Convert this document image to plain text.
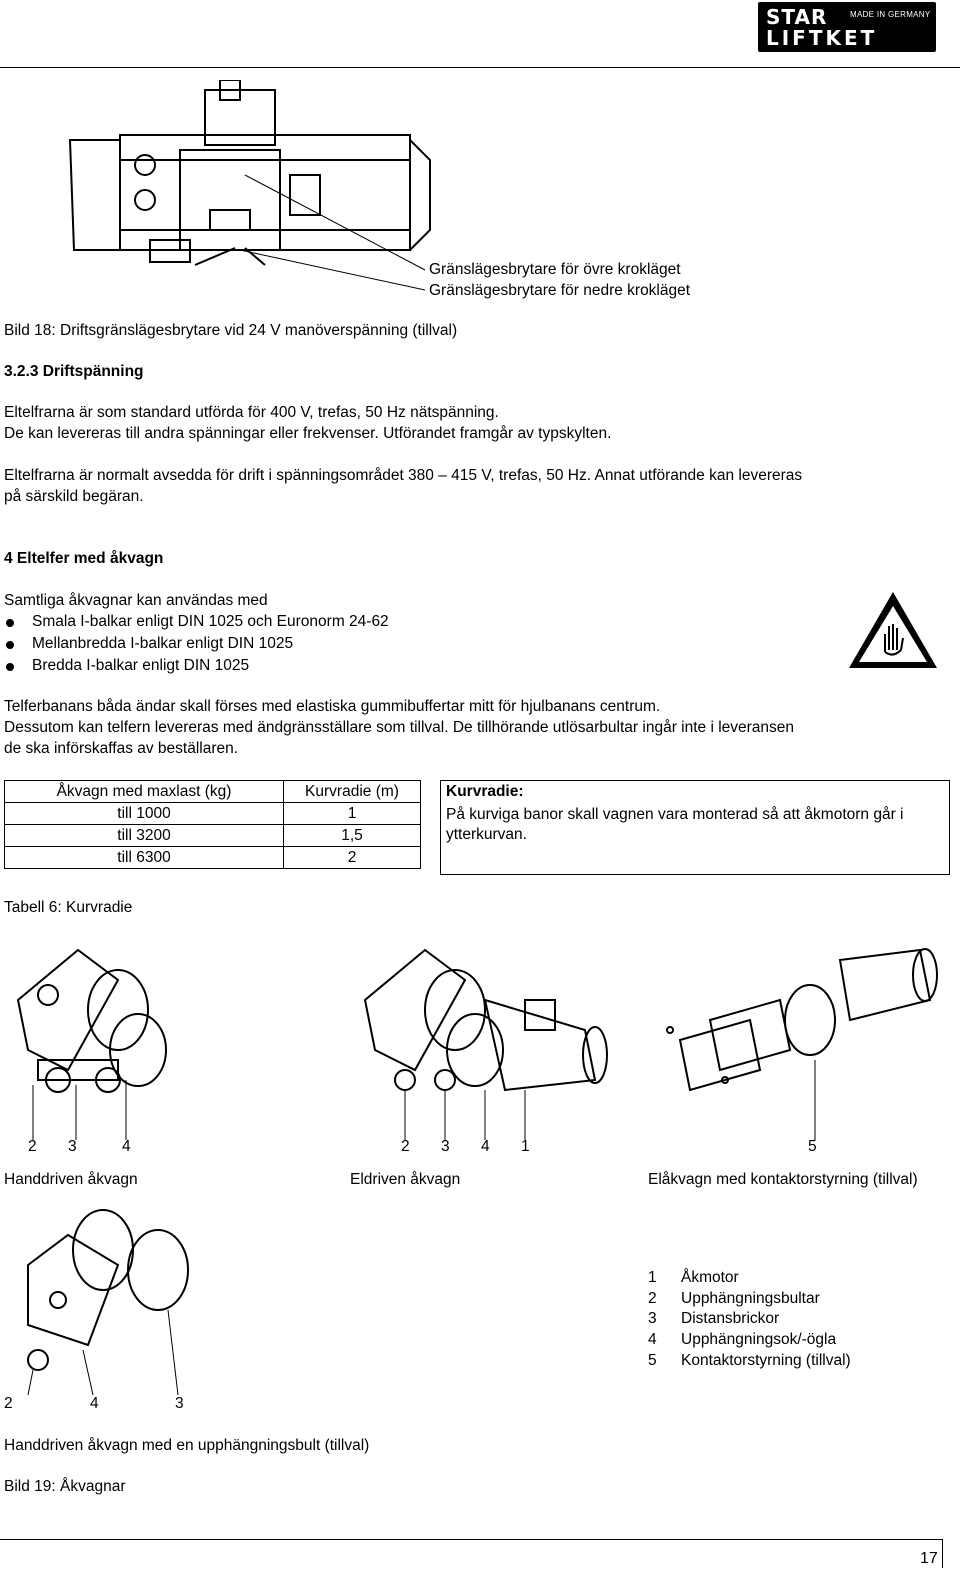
STAR	MADE IN GERMANY
LIFTKET
Gränslägesbrytare för övre krokläget
Gränslägesbrytare för nedre krokläget
Bild 18: Driftsgränslägesbrytare vid 24 V manöverspänning (tillval)
3.2.3 Driftspänning
Eltelfrarna är som standard utförda för 400 V, trefas, 50 Hz nätspänning.
De kan levereras till andra spänningar eller frekvenser. Utförandet framgår av typskylten.
Eltelfrarna är normalt avsedda för drift i spänningsområdet 380 – 415 V, trefas, 50 Hz. Annat utförande kan levereras
på särskild begäran.
4 Eltelfer med åkvagn
Samtliga åkvagnar kan användas med
Smala I-balkar enligt DIN 1025 och Euronorm 24-62
Mellanbredda I-balkar enligt DIN 1025
Bredda I-balkar enligt DIN 1025
Telferbanans båda ändar skall förses med elastiska gummibuffertar mitt för hjulbanans centrum.
Dessutom kan telfern levereras med ändgränsställare som tillval. De tillhörande utlösarbultar ingår inte i leveransen
de ska införskaffas av beställaren.
Åkvagn med maxlast (kg)	Kurvradie (m)
till 1000	1
till 3200	1,5
till 6300	2
Kurvradie:
På kurviga banor skall vagnen vara monterad så att åkmotorn går i ytterkurvan.
Tabell 6: Kurvradie
2 3	4	2 3 4 1	5
Handdriven åkvagn	Eldriven åkvagn	Elåkvagn med kontaktorstyrning (tillval)
1 Åkmotor
2 Upphängningsbultar
3 Distansbrickor
4 Upphängningsok/-ögla
5 Kontaktorstyrning (tillval)
2	4	3
Handdriven åkvagn med en upphängningsbult (tillval)
Bild 19: Åkvagnar
17
